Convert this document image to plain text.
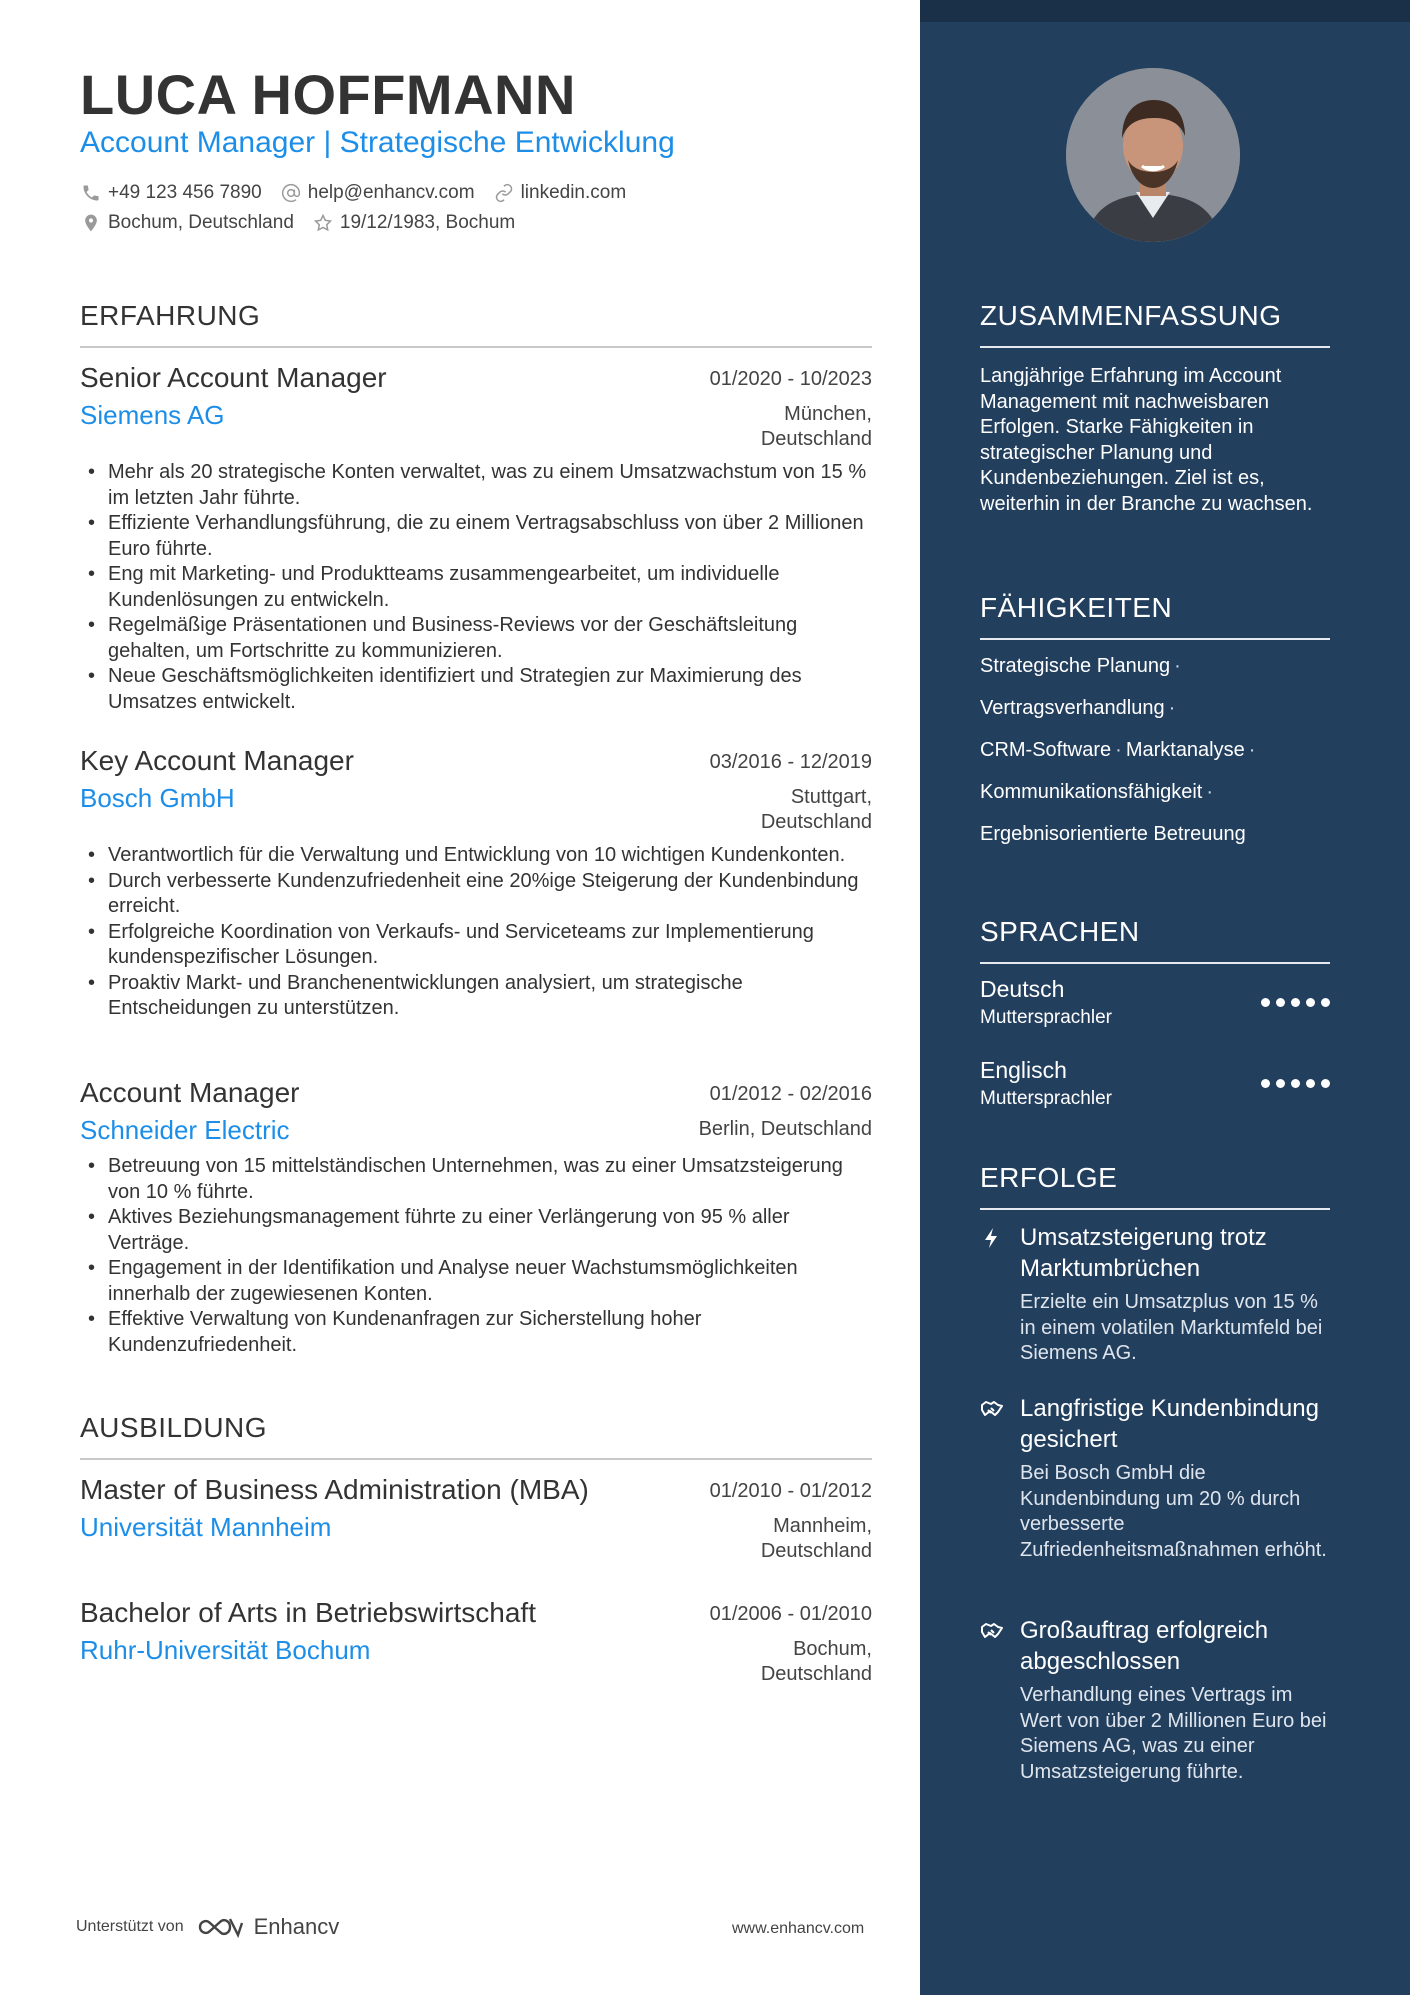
LUCA HOFFMANN
Account Manager | Strategische Entwicklung
+49 123 456 7890 help@enhancv.com linkedin.com
Bochum, Deutschland 19/12/1983, Bochum
ERFAHRUNG
Senior Account Manager	01/2020 - 10/2023
Siemens AG	München,
Deutschland
• Mehr als 20 strategische Konten verwaltet, was zu einem Umsatzwachstum von 15 % im letzten Jahr führte.
• Effiziente Verhandlungsführung, die zu einem Vertragsabschluss von über 2 Millionen Euro führte.
• Eng mit Marketing- und Produktteams zusammengearbeitet, um individuelle Kundenlösungen zu entwickeln.
• Regelmäßige Präsentationen und Business-Reviews vor der Geschäftsleitung gehalten, um Fortschritte zu kommunizieren.
• Neue Geschäftsmöglichkeiten identifiziert und Strategien zur Maximierung des Umsatzes entwickelt.
Key Account Manager	03/2016 - 12/2019
Bosch GmbH	Stuttgart,
Deutschland
• Verantwortlich für die Verwaltung und Entwicklung von 10 wichtigen Kundenkonten.
• Durch verbesserte Kundenzufriedenheit eine 20%ige Steigerung der Kundenbindung erreicht.
• Erfolgreiche Koordination von Verkaufs- und Serviceteams zur Implementierung kundenspezifischer Lösungen.
• Proaktiv Markt- und Branchenentwicklungen analysiert, um strategische Entscheidungen zu unterstützen.
Account Manager	01/2012 - 02/2016
Schneider Electric	Berlin, Deutschland
• Betreuung von 15 mittelständischen Unternehmen, was zu einer Umsatzsteigerung von 10 % führte.
• Aktives Beziehungsmanagement führte zu einer Verlängerung von 95 % aller Verträge.
• Engagement in der Identifikation und Analyse neuer Wachstumsmöglichkeiten innerhalb der zugewiesenen Konten.
• Effektive Verwaltung von Kundenanfragen zur Sicherstellung hoher Kundenzufriedenheit.
AUSBILDUNG
Master of Business Administration (MBA)	01/2010 - 01/2012
Universität Mannheim	Mannheim,
Deutschland
Bachelor of Arts in Betriebswirtschaft	01/2006 - 01/2010
Ruhr-Universität Bochum	Bochum,
Deutschland
Unterstützt von	Enhancv	www.enhancv.com
ZUSAMMENFASSUNG
Langjährige Erfahrung im Account Management mit nachweisbaren Erfolgen. Starke Fähigkeiten in strategischer Planung und Kundenbeziehungen. Ziel ist es, weiterhin in der Branche zu wachsen.
FÄHIGKEITEN
Strategische Planung ·
Vertragsverhandlung ·
CRM-Software · Marktanalyse ·
Kommunikationsfähigkeit ·
Ergebnisorientierte Betreuung
SPRACHEN
Deutsch
Muttersprachler
Englisch
Muttersprachler
ERFOLGE
Umsatzsteigerung trotz Marktumbrüchen
Erzielte ein Umsatzplus von 15 % in einem volatilen Marktumfeld bei Siemens AG.
Langfristige Kundenbindung gesichert
Bei Bosch GmbH die Kundenbindung um 20 % durch verbesserte Zufriedenheitsmaßnahmen erhöht.
Großauftrag erfolgreich abgeschlossen
Verhandlung eines Vertrags im Wert von über 2 Millionen Euro bei Siemens AG, was zu einer Umsatzsteigerung führte.
